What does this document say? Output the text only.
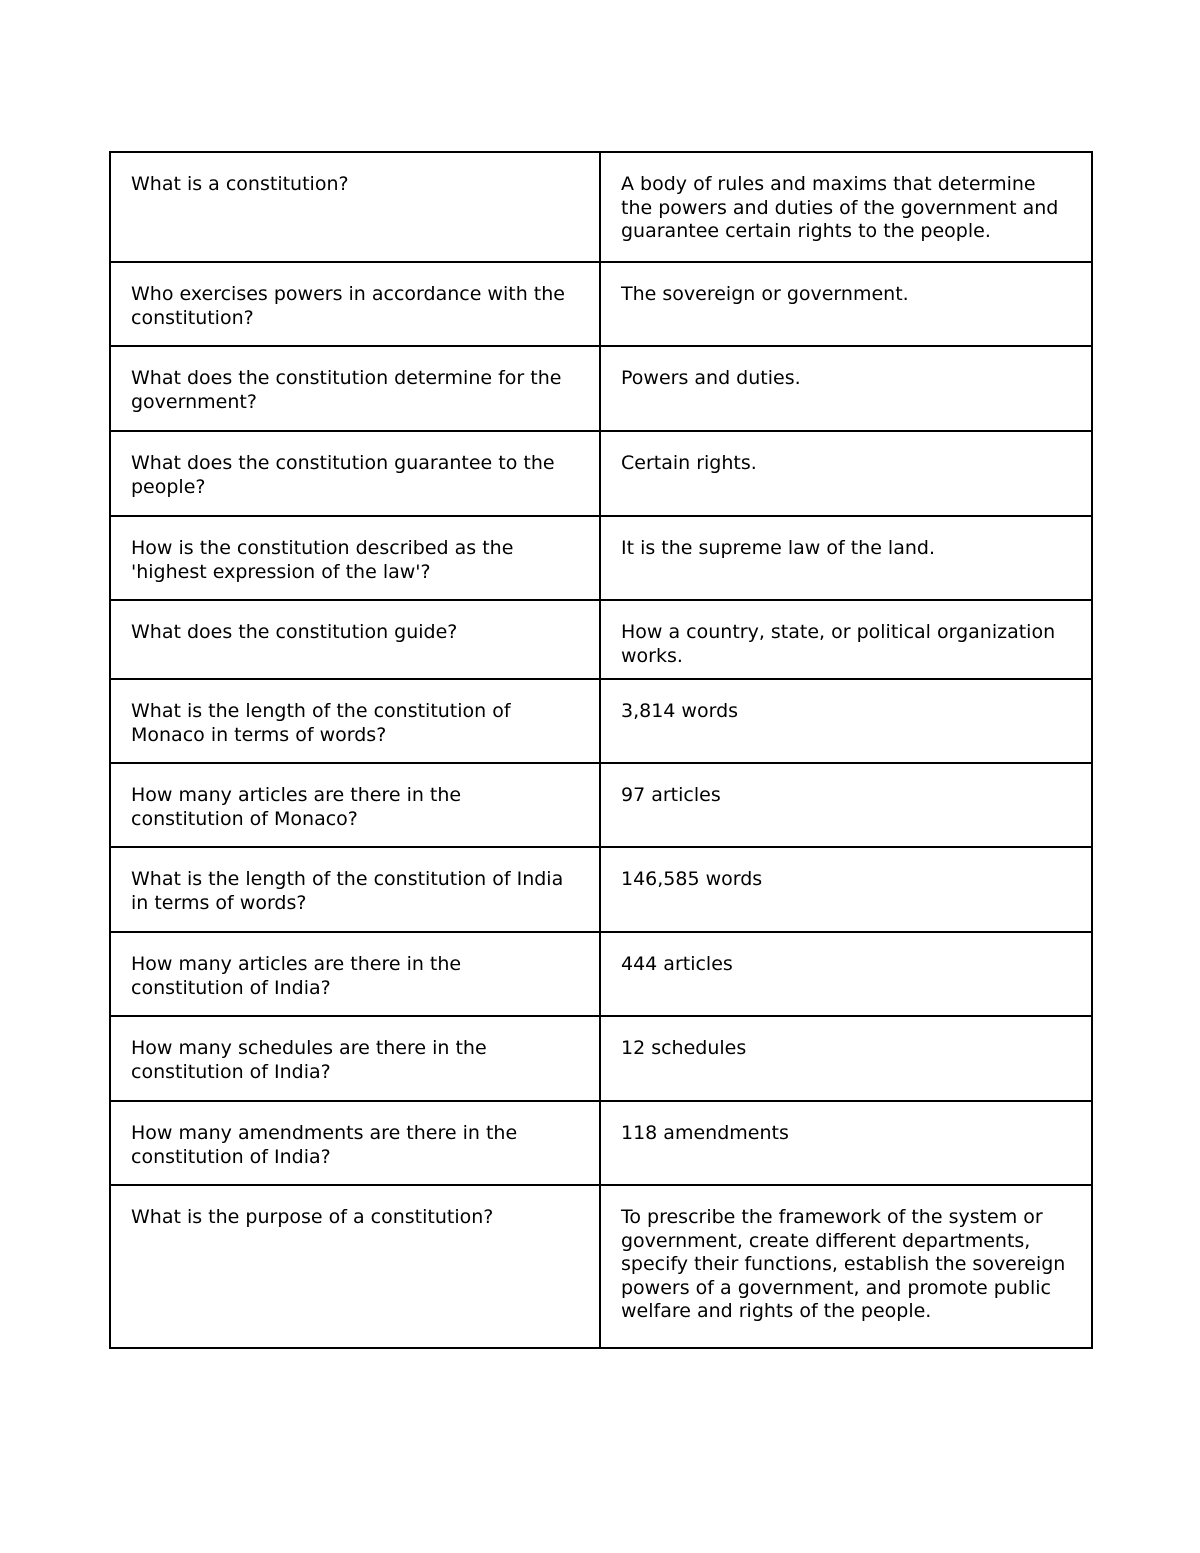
What is a constitution?	A body of rules and maxims that determine the powers and duties of the government and guarantee certain rights to the people.
Who exercises powers in accordance with the constitution?	The sovereign or government.
What does the constitution determine for the government?	Powers and duties.
What does the constitution guarantee to the people?	Certain rights.
How is the constitution described as the 'highest expression of the law'?	It is the supreme law of the land.
What does the constitution guide?	How a country, state, or political organization works.
What is the length of the constitution of Monaco in terms of words?	3,814 words
How many articles are there in the constitution of Monaco?	97 articles
What is the length of the constitution of India in terms of words?	146,585 words
How many articles are there in the constitution of India?	444 articles
How many schedules are there in the constitution of India?	12 schedules
How many amendments are there in the constitution of India?	118 amendments
What is the purpose of a constitution?	To prescribe the framework of the system or government, create different departments, specify their functions, establish the sovereign powers of a government, and promote public welfare and rights of the people.
